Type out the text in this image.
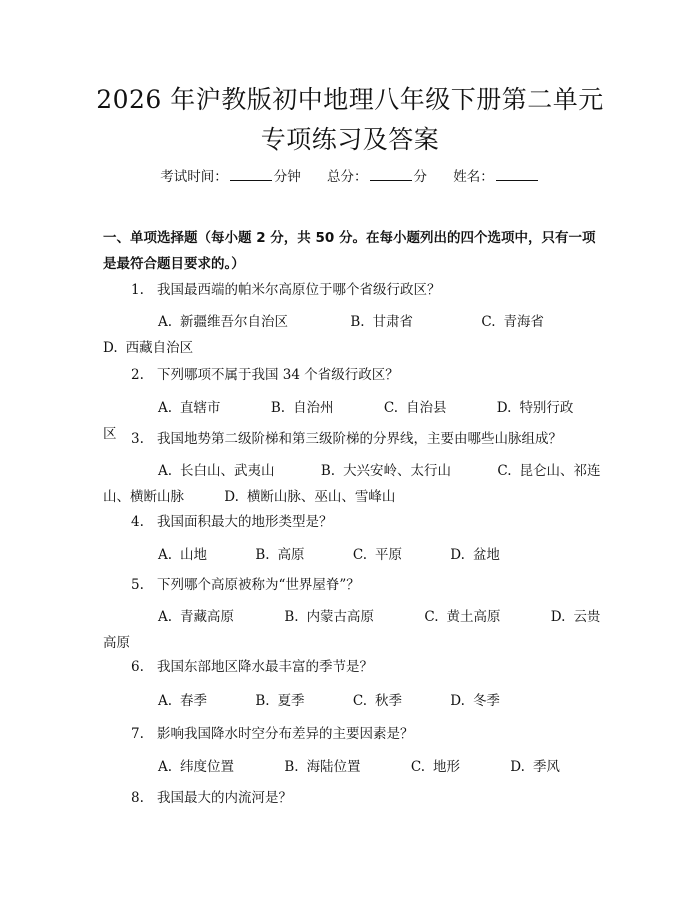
2026 年沪教版初中地理八年级下册第二单元
专项练习及答案
考试时间：	分钟 总分：	分 姓名：
一、单项选择题（每小题 2 分，共 50 分。在每小题列出的四个选项中，只有一项是最符合题目要求的。）
1. 我国最西端的帕米尔高原位于哪个省级行政区？
A. 新疆维吾尔自治区	B. 甘肃省	C. 青海省 D. 西藏自治区
2. 下列哪项不属于我国 34 个省级行政区？
A. 直辖市	B. 自治州	C. 自治县	D. 特别行政区	3. 我国地势第二级阶梯和第三级阶梯的分界线，主要由哪些山脉组成？
A. 长白山、武夷山	B. 大兴安岭、太行山	C. 昆仑山、祁连山、横断山脉	D. 横断山脉、巫山、雪峰山
4. 我国面积最大的地形类型是？
A. 山地	B. 高原	C. 平原	D. 盆地
5. 下列哪个高原被称为“世界屋脊”？
A. 青藏高原	B. 内蒙古高原	C. 黄土高原	D. 云贵高原
6. 我国东部地区降水最丰富的季节是？
A. 春季	B. 夏季	C. 秋季	D. 冬季
7. 影响我国降水时空分布差异的主要因素是？
A. 纬度位置	B. 海陆位置	C. 地形	D. 季风
8. 我国最大的内流河是？
